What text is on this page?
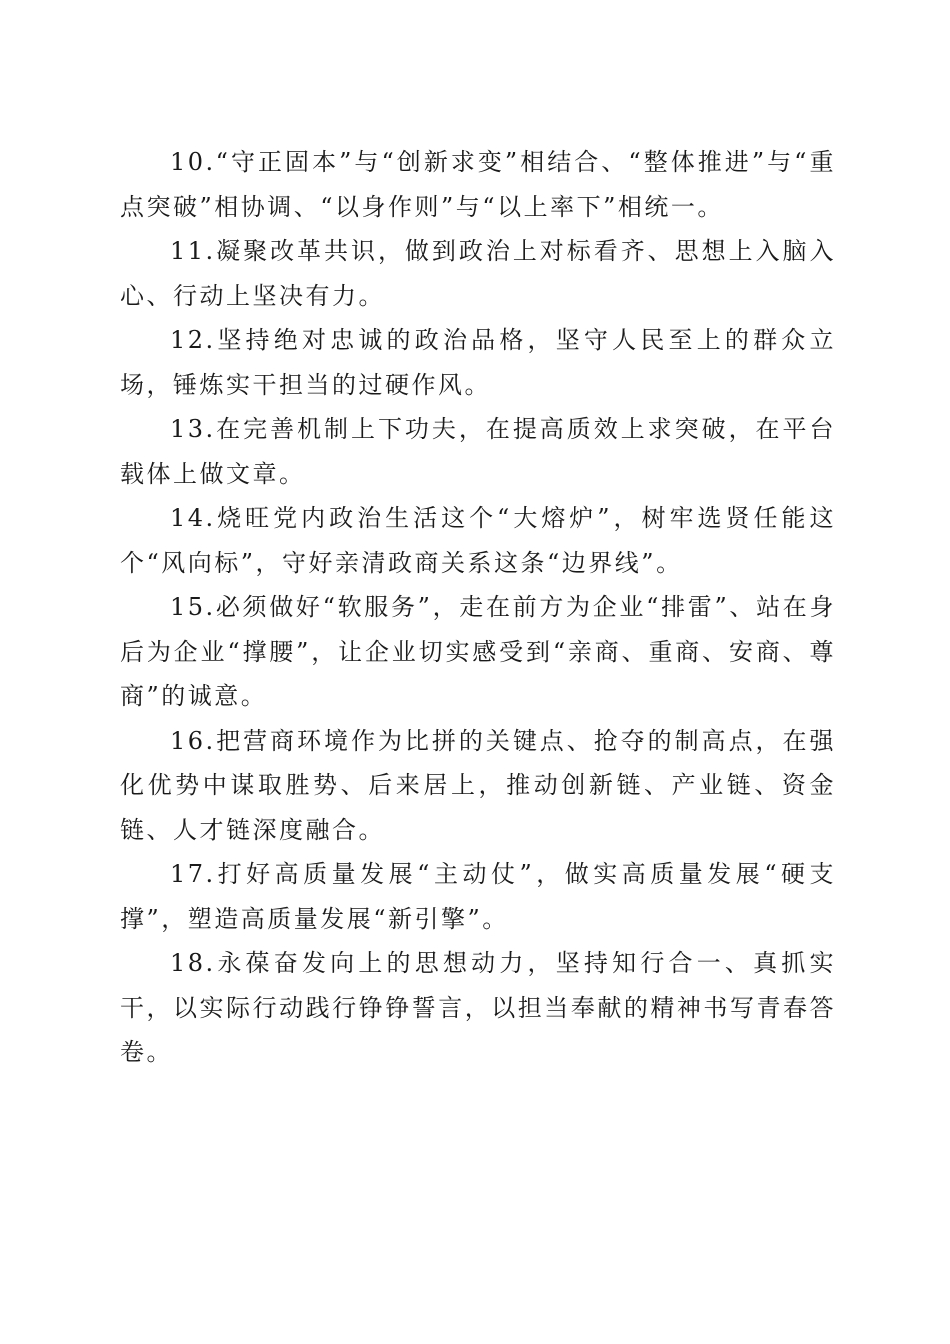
10.“守正固本”与“创新求变”相结合、“整体推进”与“重点突破”相协调、“以身作则”与“以上率下”相统一。

11.凝聚改革共识，做到政治上对标看齐、思想上入脑入心、行动上坚决有力。

12.坚持绝对忠诚的政治品格，坚守人民至上的群众立场，锤炼实干担当的过硬作风。

13.在完善机制上下功夫，在提高质效上求突破，在平台载体上做文章。

14.烧旺党内政治生活这个“大熔炉”，树牢选贤任能这个“风向标”，守好亲清政商关系这条“边界线”。

15.必须做好“软服务”，走在前方为企业“排雷”、站在身后为企业“撑腰”，让企业切实感受到“亲商、重商、安商、尊商”的诚意。

16.把营商环境作为比拼的关键点、抢夺的制高点，在强化优势中谋取胜势、后来居上，推动创新链、产业链、资金链、人才链深度融合。

17.打好高质量发展“主动仗”，做实高质量发展“硬支撑”，塑造高质量发展“新引擎”。

18.永葆奋发向上的思想动力，坚持知行合一、真抓实干，以实际行动践行铮铮誓言，以担当奉献的精神书写青春答卷。
